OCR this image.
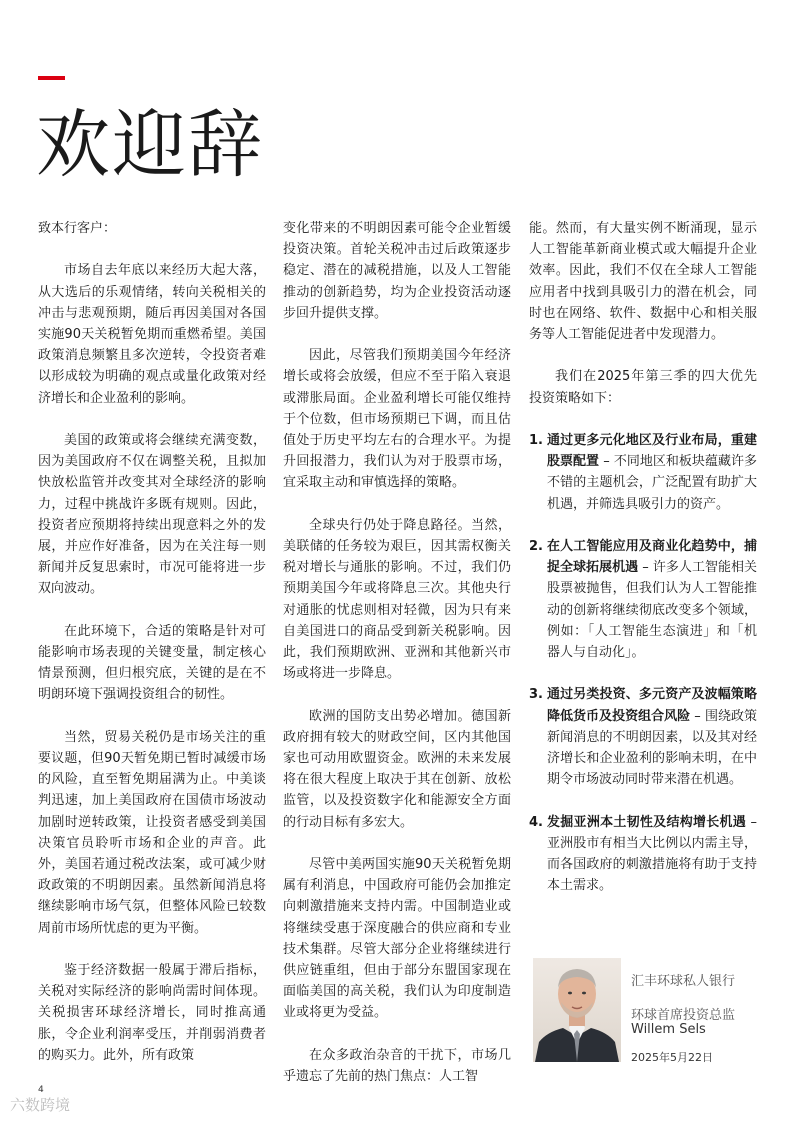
欢迎辞

致本行客户：

市场自去年底以来经历大起大落，从大选后的乐观情绪，转向关税相关的冲击与悲观预期，随后再因美国对各国实施90天关税暂免期而重燃希望。美国政策消息频繁且多次逆转，令投资者难以形成较为明确的观点或量化政策对经济增长和企业盈利的影响。

美国的政策或将会继续充满变数，因为美国政府不仅在调整关税，且拟加快放松监管并改变其对全球经济的影响力，过程中挑战许多既有规则。因此，投资者应预期将持续出现意料之外的发展，并应作好准备，因为在关注每一则新闻并反复思索时，市况可能将进一步双向波动。

在此环境下，合适的策略是针对可能影响市场表现的关键变量，制定核心情景预测，但归根究底，关键的是在不明朗环境下强调投资组合的韧性。

当然，贸易关税仍是市场关注的重要议题，但90天暂免期已暂时减缓市场的风险，直至暂免期届满为止。中美谈判迅速，加上美国政府在国债市场波动加剧时逆转政策，让投资者感受到美国决策官员聆听市场和企业的声音。此外，美国若通过税改法案，或可减少财政政策的不明朗因素。虽然新闻消息将继续影响市场气氛，但整体风险已较数周前市场所忧虑的更为平衡。

鉴于经济数据一般属于滞后指标，关税对实际经济的影响尚需时间体现。关税损害环球经济增长，同时推高通胀，令企业利润率受压，并削弱消费者的购买力。此外，所有政策

变化带来的不明朗因素可能令企业暂缓投资决策。首轮关税冲击过后政策逐步稳定、潜在的减税措施，以及人工智能推动的创新趋势，均为企业投资活动逐步回升提供支撑。

因此，尽管我们预期美国今年经济增长或将会放缓，但应不至于陷入衰退或滞胀局面。企业盈利增长可能仅维持于个位数，但市场预期已下调，而且估值处于历史平均左右的合理水平。为提升回报潜力，我们认为对于股票市场，宜采取主动和审慎选择的策略。

全球央行仍处于降息路径。当然，美联储的任务较为艰巨，因其需权衡关税对增长与通胀的影响。不过，我们仍预期美国今年或将降息三次。其他央行对通胀的忧虑则相对轻微，因为只有来自美国进口的商品受到新关税影响。因此，我们预期欧洲、亚洲和其他新兴市场或将进一步降息。

欧洲的国防支出势必增加。德国新政府拥有较大的财政空间，区内其他国家也可动用欧盟资金。欧洲的未来发展将在很大程度上取决于其在创新、放松监管，以及投资数字化和能源安全方面的行动目标有多宏大。

尽管中美两国实施90天关税暂免期属有利消息，中国政府可能仍会加推定向刺激措施来支持内需。中国制造业或将继续受惠于深度融合的供应商和专业技术集群。尽管大部分企业将继续进行供应链重组，但由于部分东盟国家现在面临美国的高关税，我们认为印度制造业或将更为受益。

在众多政治杂音的干扰下，市场几乎遗忘了先前的热门焦点：人工智

能。然而，有大量实例不断涌现，显示人工智能革新商业模式或大幅提升企业效率。因此，我们不仅在全球人工智能应用者中找到具吸引力的潜在机会，同时也在网络、软件、数据中心和相关服务等人工智能促进者中发现潜力。

我们在2025年第三季的四大优先投资策略如下：

1. 通过更多元化地区及行业布局，重建股票配置 – 不同地区和板块蕴藏许多不错的主题机会，广泛配置有助扩大机遇，并筛选具吸引力的资产。
2. 在人工智能应用及商业化趋势中，捕捉全球拓展机遇 – 许多人工智能相关股票被抛售，但我们认为人工智能推动的创新将继续彻底改变多个领域，例如：「人工智能生态演进」和「机器人与自动化」。
3. 通过另类投资、多元资产及波幅策略降低货币及投资组合风险 – 围绕政策新闻消息的不明朗因素，以及其对经济增长和企业盈利的影响未明，在中期令市场波动同时带来潜在机遇。
4. 发掘亚洲本土韧性及结构增长机遇 – 亚洲股市有相当大比例以内需主导，而各国政府的刺激措施将有助于支持本土需求。

汇丰环球私人银行

环球首席投资总监

Willem Sels

2025年5月22日

4
六数跨境
